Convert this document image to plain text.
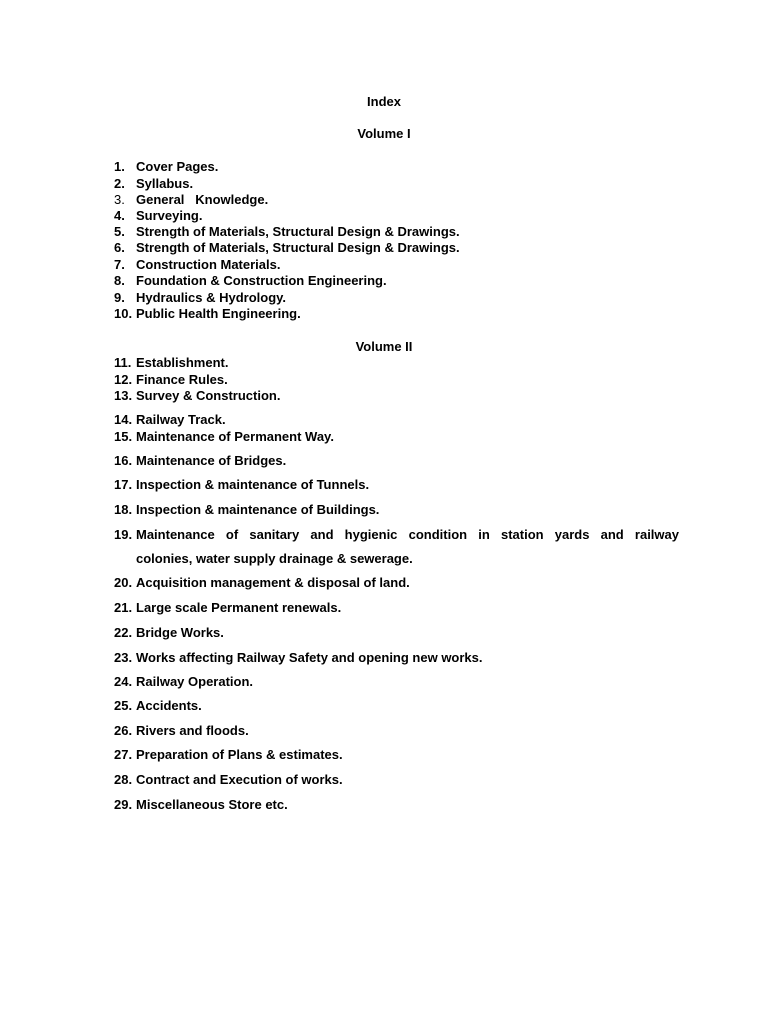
Index
Volume I
1. Cover Pages.
2. Syllabus.
3. General   Knowledge.
4. Surveying.
5. Strength of Materials, Structural Design & Drawings.
6. Strength of Materials, Structural Design & Drawings.
7. Construction Materials.
8. Foundation & Construction Engineering.
9. Hydraulics & Hydrology.
10. Public Health Engineering.
Volume II
11. Establishment.
12. Finance Rules.
13. Survey & Construction.
14. Railway Track.
15. Maintenance of Permanent Way.
16. Maintenance of Bridges.
17. Inspection & maintenance of Tunnels.
18. Inspection & maintenance of Buildings.
19. Maintenance of sanitary and hygienic condition in station yards and railway
colonies, water supply drainage & sewerage.
20. Acquisition management & disposal of land.
21. Large scale Permanent renewals.
22. Bridge Works.
23. Works affecting Railway Safety and opening new works.
24. Railway Operation.
25. Accidents.
26. Rivers and floods.
27. Preparation of Plans & estimates.
28. Contract and Execution of works.
29. Miscellaneous Store etc.
